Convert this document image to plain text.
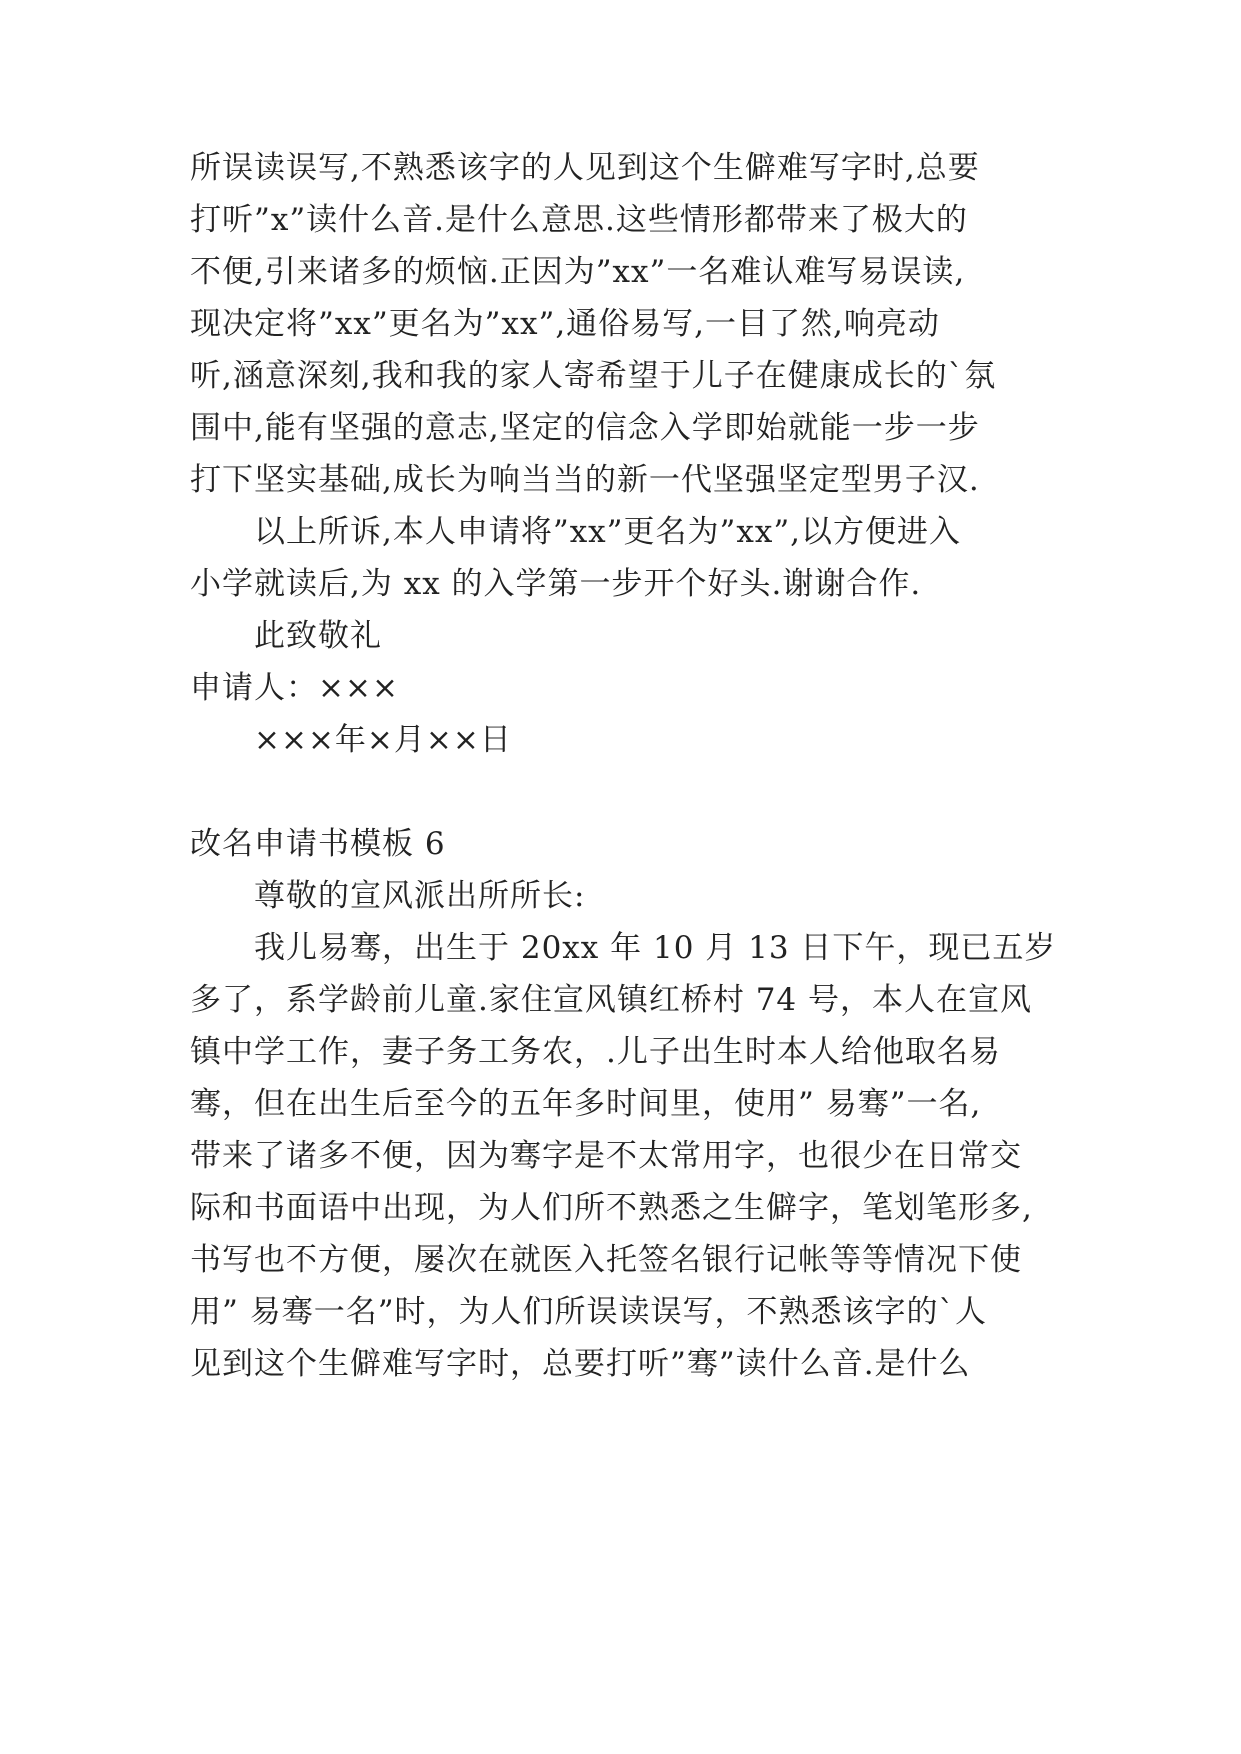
所误读误写,不熟悉该字的人见到这个生僻难写字时,总要
打听”x”读什么音.是什么意思.这些情形都带来了极大的
不便,引来诸多的烦恼.正因为”xx”一名难认难写易误读,
现决定将”xx”更名为”xx”,通俗易写,一目了然,响亮动
听,涵意深刻,我和我的家人寄希望于儿子在健康成长的`氛
围中,能有坚强的意志,坚定的信念入学即始就能一步一步
打下坚实基础,成长为响当当的新一代坚强坚定型男子汉.
以上所诉,本人申请将”xx”更名为”xx”,以方便进入
小学就读后,为 xx 的入学第一步开个好头.谢谢合作.
此致敬礼
申请人：×××
×××年×月××日
改名申请书模板 6
尊敬的宣风派出所所长:
我儿易骞，出生于 20xx 年 10 月 13 日下午，现已五岁
多了，系学龄前儿童.家住宣风镇红桥村 74 号，本人在宣风
镇中学工作，妻子务工务农，.儿子出生时本人给他取名易
骞，但在出生后至今的五年多时间里，使用” 易骞”一名,
带来了诸多不便，因为骞字是不太常用字，也很少在日常交
际和书面语中出现，为人们所不熟悉之生僻字，笔划笔形多,
书写也不方便，屡次在就医入托签名银行记帐等等情况下使
用” 易骞一名”时，为人们所误读误写，不熟悉该字的`人
见到这个生僻难写字时，总要打听”骞”读什么音.是什么
